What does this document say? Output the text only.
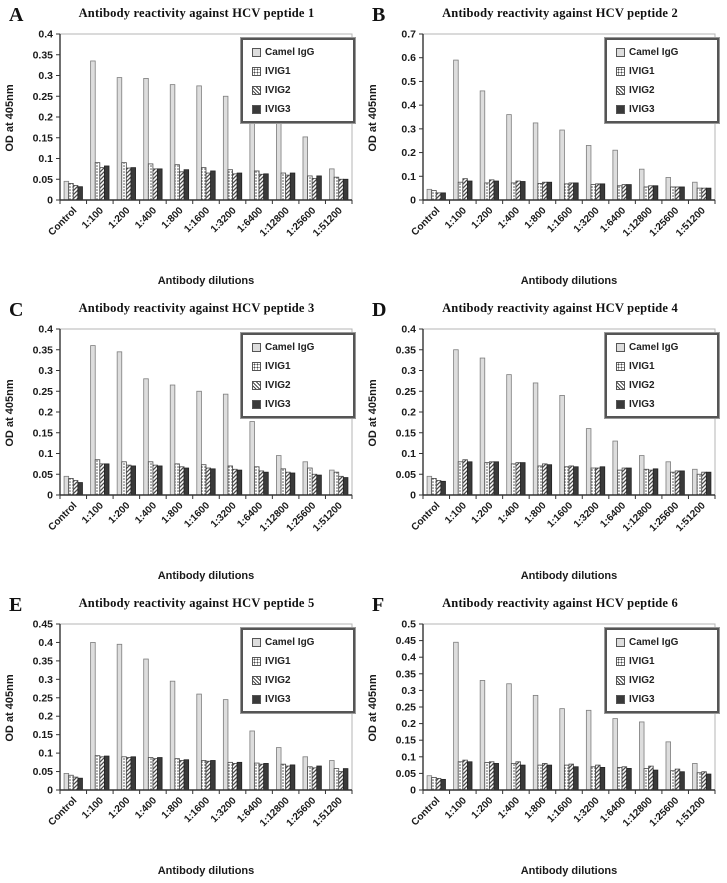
A	Antibody reactivity against HCV peptide 1
OD at 405nm
Antibody dilutions
0
0.05
0.1
0.15
0.2
0.25
0.3
0.35
0.4
Control 1:100 1:200 1:400 1:800
1:1600
1:3200
1:6400
1:12800
1:25600
1:51200
Camel IgG
IVIG1
IVIG2
IVIG3
B	Antibody reactivity against HCV peptide 2
OD at 405nm
Antibody dilutions
0
0.1
0.2
0.3
0.4
0.5
0.6
0.7
Control 1:100 1:200 1:400 1:800
1:1600
1:3200
1:6400
1:12800
1:25600
1:51200
Camel IgG
IVIG1
IVIG2
IVIG3
C	Antibody reactivity against HCV peptide 3
OD at 405nm
Antibody dilutions
0
0.05
0.1
0.15
0.2
0.25
0.3
0.35
0.4
Control 1:100 1:200 1:400 1:800
1:1600
1:3200
1:6400
1:12800
1:25600
1:51200
Camel IgG
IVIG1
IVIG2
IVIG3
D	Antibody reactivity against HCV peptide 4
OD at 405nm
Antibody dilutions
0
0.05
0.1
0.15
0.2
0.25
0.3
0.35
0.4
Control 1:100 1:200 1:400 1:800
1:1600
1:3200
1:6400
1:12800
1:25600
1:51200
Camel IgG
IVIG1
IVIG2
IVIG3
E	Antibody reactivity against HCV peptide 5
OD at 405nm
Antibody dilutions
0
0.05
0.1
0.15
0.2
0.25
0.3
0.35
0.4
0.45
Control 1:100 1:200 1:400 1:800
1:1600
1:3200
1:6400
1:12800
1:25600
1:51200
Camel IgG
IVIG1
IVIG2
IVIG3
F	Antibody reactivity against HCV peptide 6
OD at 405nm
Antibody dilutions
0
0.05
0.1
0.15
0.2
0.25
0.3
0.35
0.4
0.45
0.5
Control 1:100 1:200 1:400 1:800
1:1600
1:3200
1:6400
1:12800
1:25600
1:51200
Camel IgG
IVIG1
IVIG2
IVIG3
